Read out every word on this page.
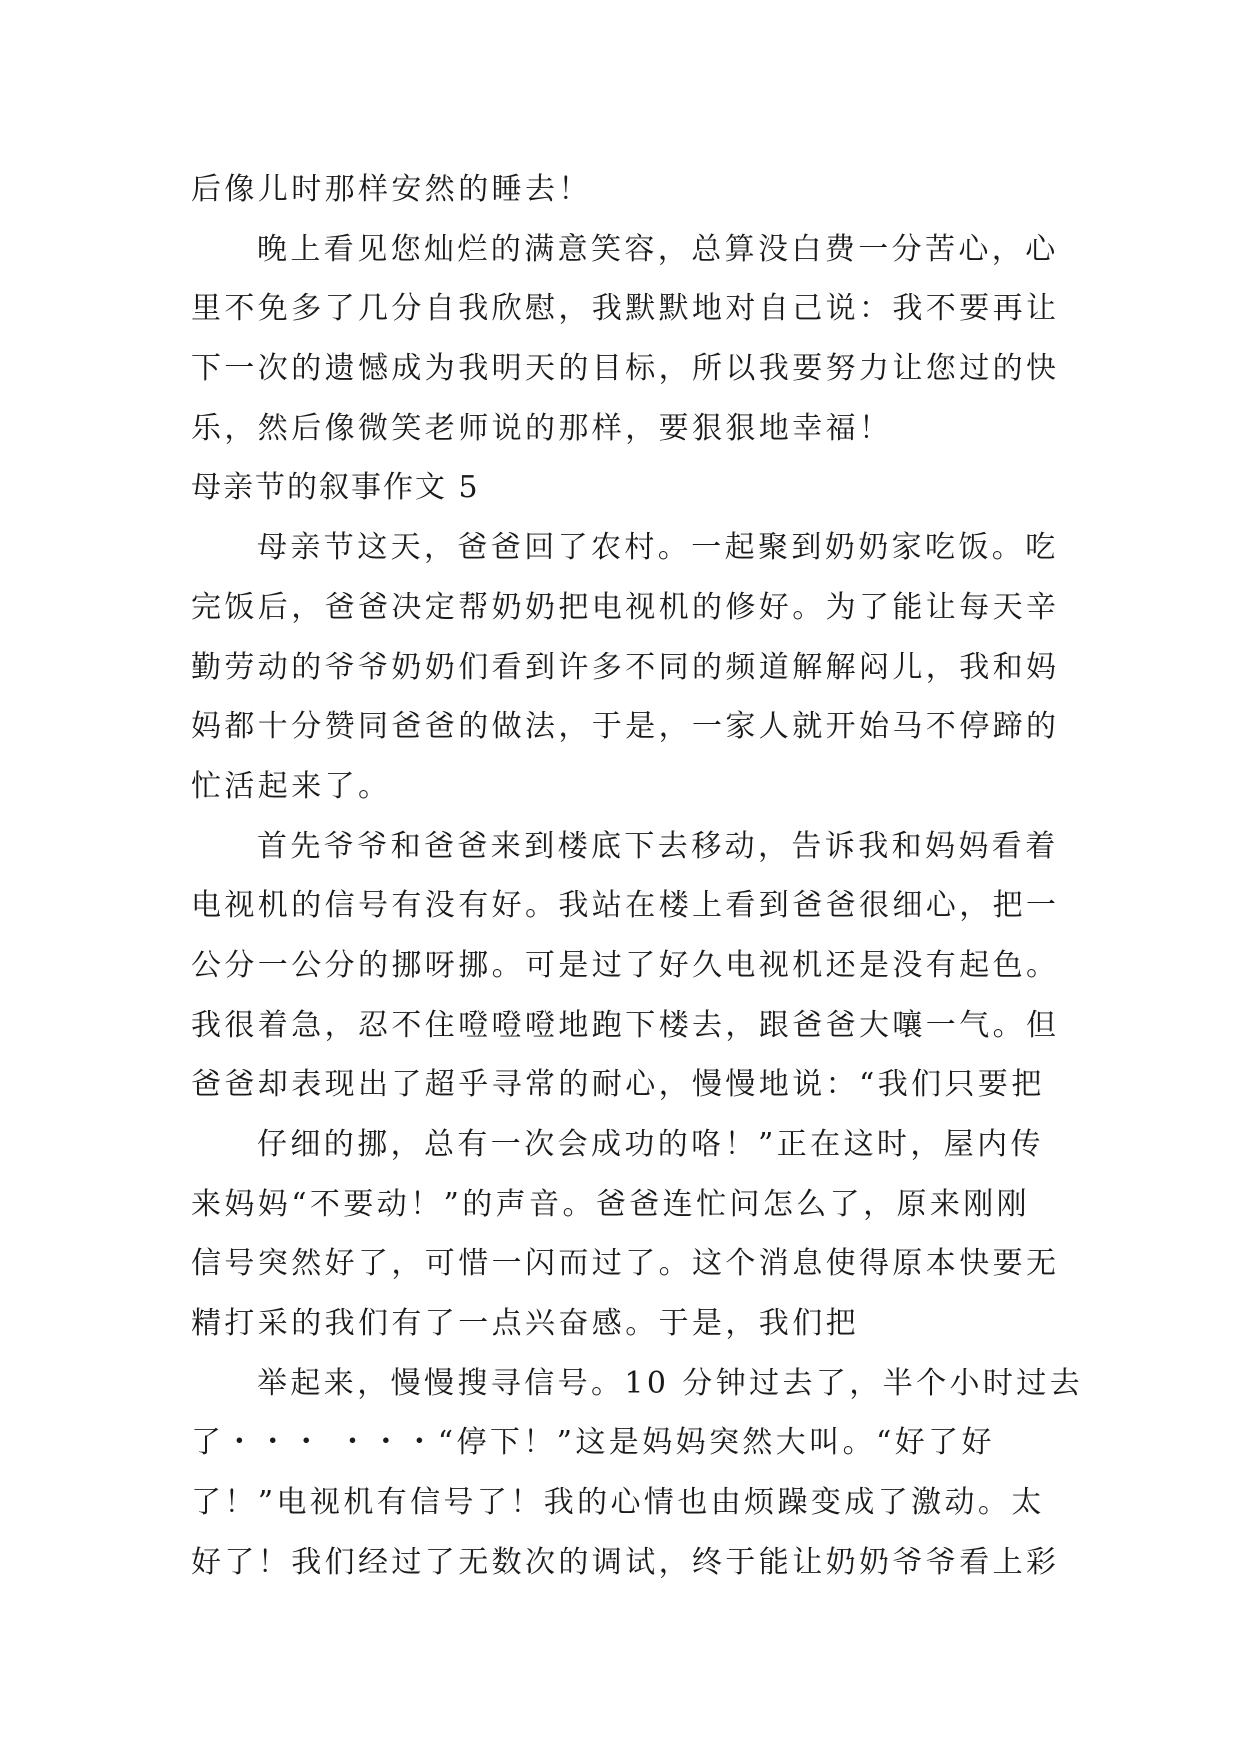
后像儿时那样安然的睡去！
晚上看见您灿烂的满意笑容，总算没白费一分苦心，心
里不免多了几分自我欣慰，我默默地对自己说：我不要再让
下一次的遗憾成为我明天的目标，所以我要努力让您过的快
乐，然后像微笑老师说的那样，要狠狠地幸福！
母亲节的叙事作文 5
母亲节这天，爸爸回了农村。一起聚到奶奶家吃饭。吃
完饭后，爸爸决定帮奶奶把电视机的修好。为了能让每天辛
勤劳动的爷爷奶奶们看到许多不同的频道解解闷儿，我和妈
妈都十分赞同爸爸的做法，于是，一家人就开始马不停蹄的
忙活起来了。
首先爷爷和爸爸来到楼底下去移动，告诉我和妈妈看着
电视机的信号有没有好。我站在楼上看到爸爸很细心，把一
公分一公分的挪呀挪。可是过了好久电视机还是没有起色。
我很着急，忍不住噔噔噔地跑下楼去，跟爸爸大嚷一气。但
爸爸却表现出了超乎寻常的耐心，慢慢地说：“我们只要把
仔细的挪，总有一次会成功的咯！”正在这时，屋内传
来妈妈“不要动！”的声音。爸爸连忙问怎么了，原来刚刚
信号突然好了，可惜一闪而过了。这个消息使得原本快要无
精打采的我们有了一点兴奋感。于是，我们把
举起来，慢慢搜寻信号。10 分钟过去了，半个小时过去
了・・・ ・・・“停下！”这是妈妈突然大叫。“好了好
了！”电视机有信号了！我的心情也由烦躁变成了激动。太
好了！我们经过了无数次的调试，终于能让奶奶爷爷看上彩
